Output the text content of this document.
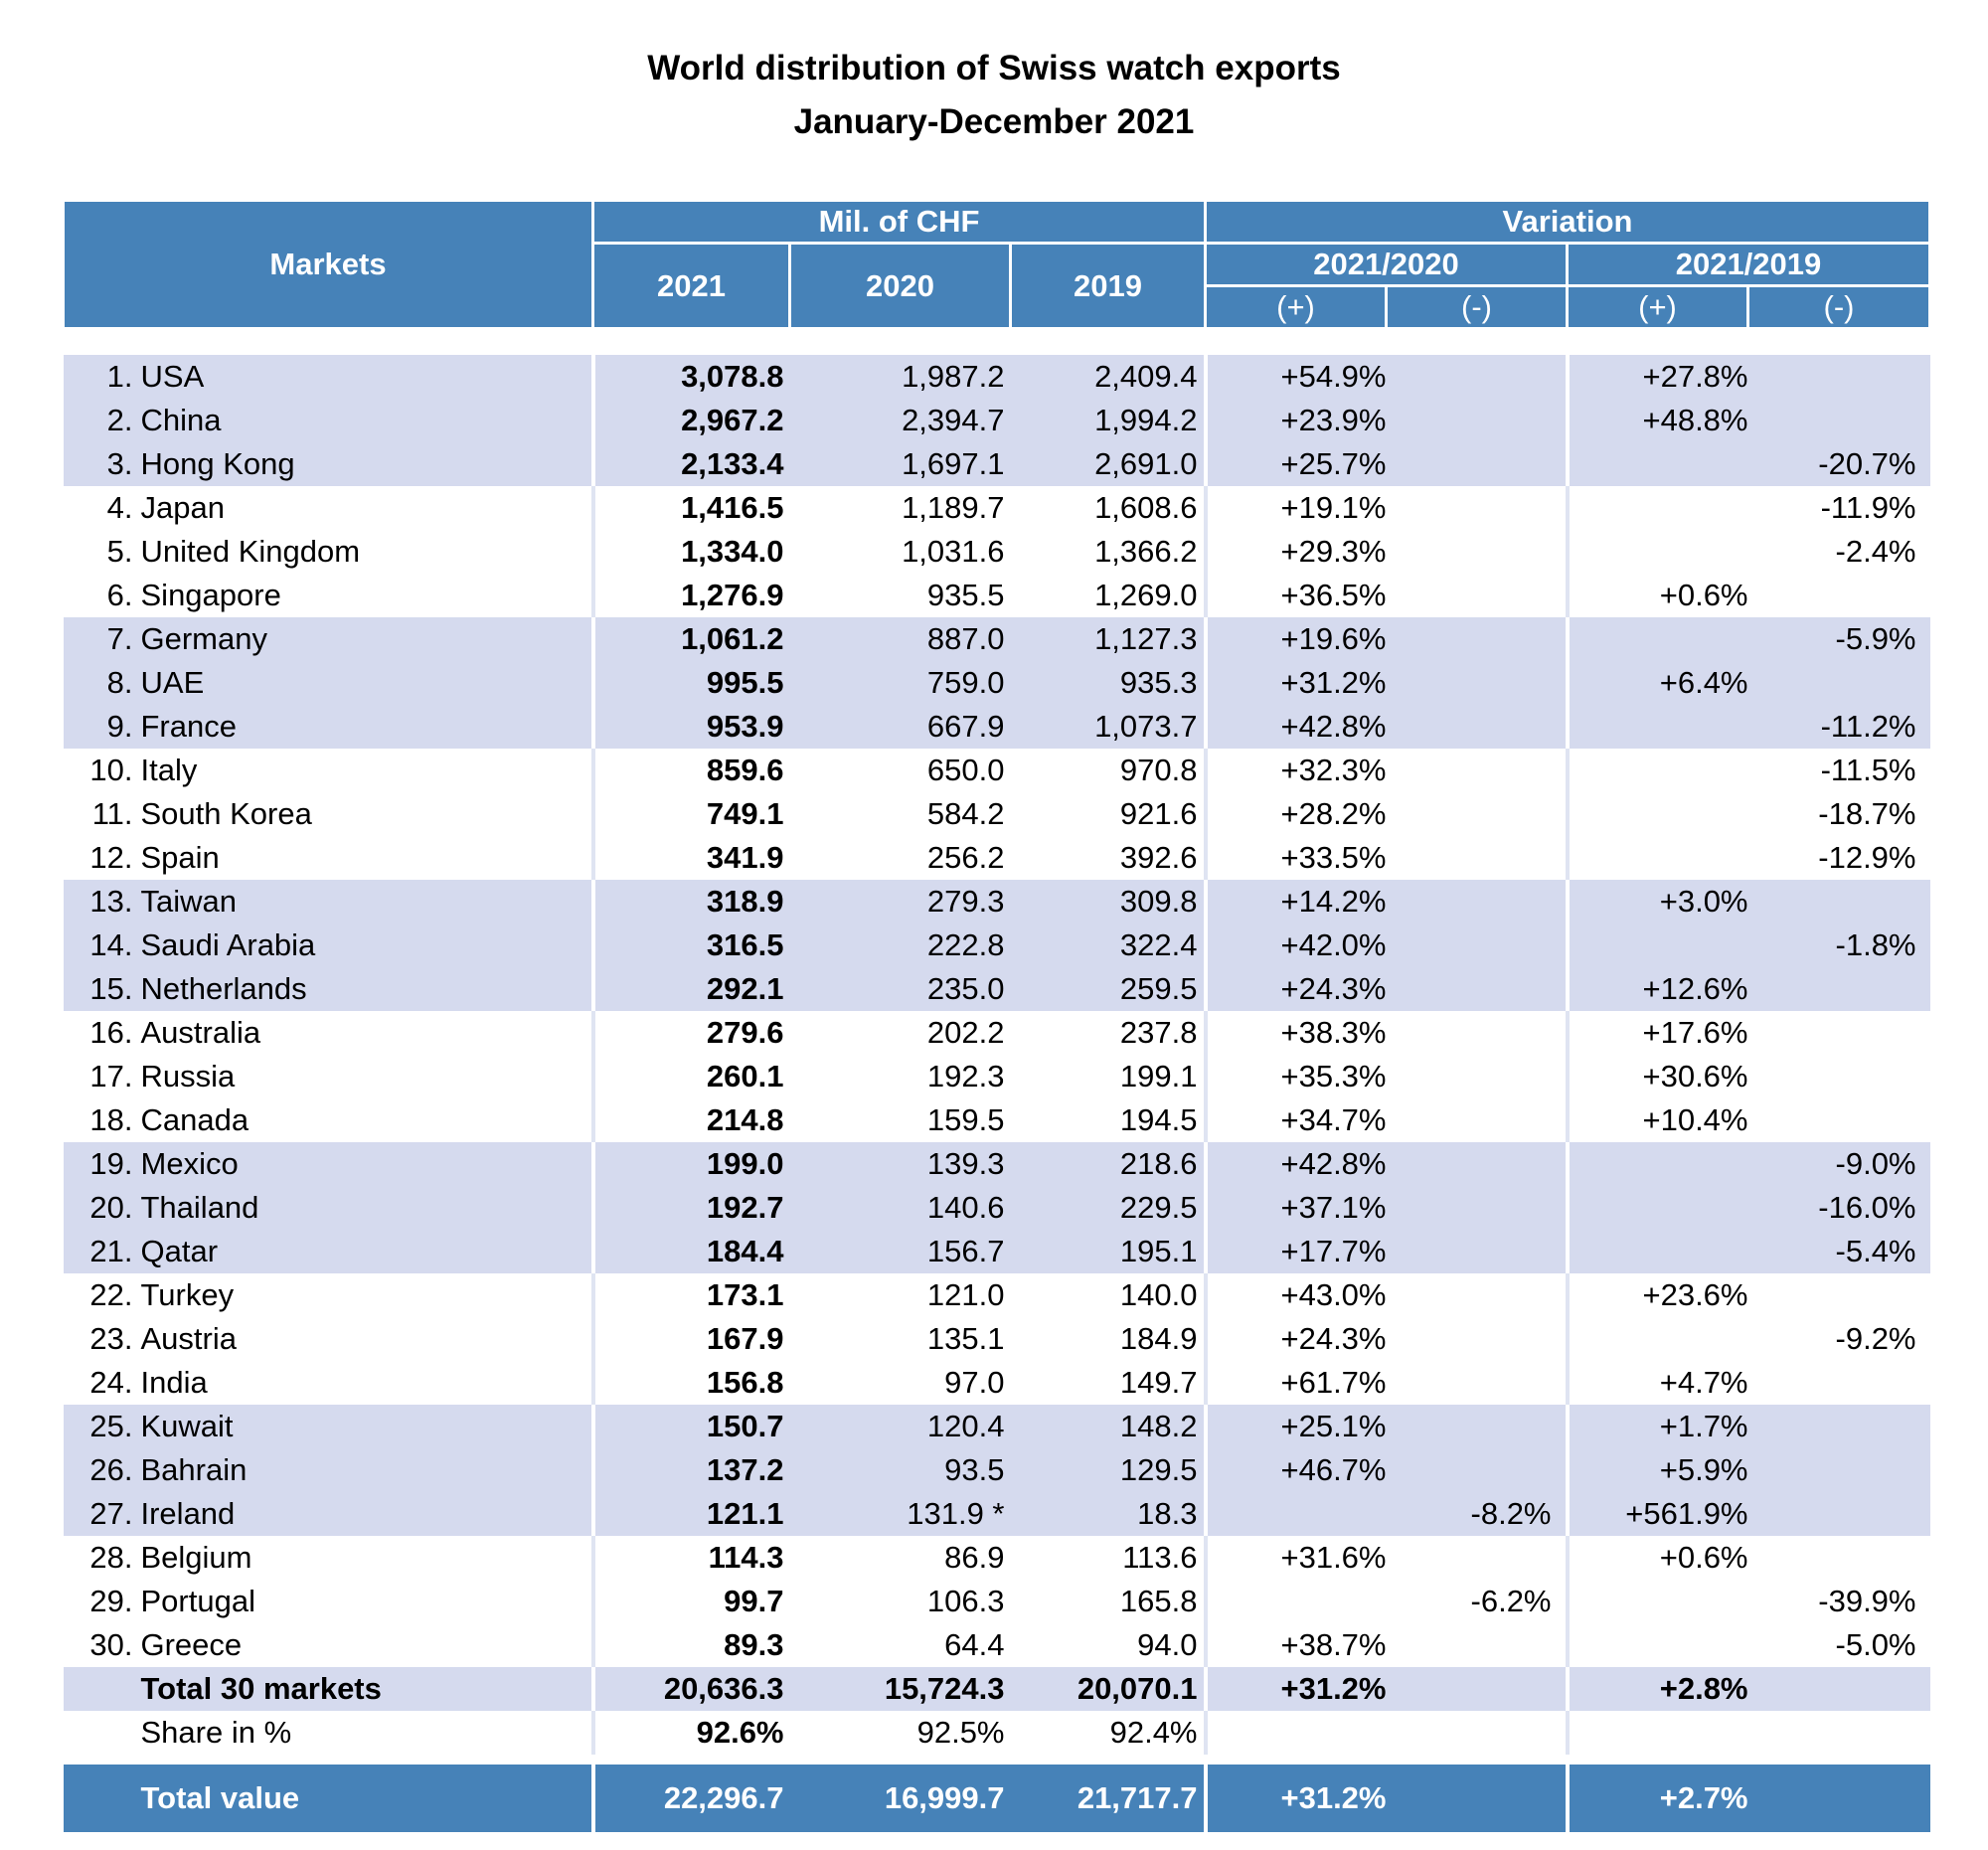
World distribution of Swiss watch exports
January-December 2021
Markets	Mil. of CHF			Variation			
	2021	2020	2019	2021/2020		2021/2019	
				(+)	(-)	(+)	(-)

1. USA	3,078.8	1,987.2	2,409.4	+54.9%		+27.8%	
2. China	2,967.2	2,394.7	1,994.2	+23.9%		+48.8%	
3. Hong Kong	2,133.4	1,697.1	2,691.0	+25.7%			-20.7%
4. Japan	1,416.5	1,189.7	1,608.6	+19.1%			-11.9%
5. United Kingdom	1,334.0	1,031.6	1,366.2	+29.3%			-2.4%
6. Singapore	1,276.9	935.5	1,269.0	+36.5%		+0.6%	
7. Germany	1,061.2	887.0	1,127.3	+19.6%			-5.9%
8. UAE	995.5	759.0	935.3	+31.2%		+6.4%	
9. France	953.9	667.9	1,073.7	+42.8%			-11.2%
10. Italy	859.6	650.0	970.8	+32.3%			-11.5%
11. South Korea	749.1	584.2	921.6	+28.2%			-18.7%
12. Spain	341.9	256.2	392.6	+33.5%			-12.9%
13. Taiwan	318.9	279.3	309.8	+14.2%		+3.0%	
14. Saudi Arabia	316.5	222.8	322.4	+42.0%			-1.8%
15. Netherlands	292.1	235.0	259.5	+24.3%		+12.6%	
16. Australia	279.6	202.2	237.8	+38.3%		+17.6%	
17. Russia	260.1	192.3	199.1	+35.3%		+30.6%	
18. Canada	214.8	159.5	194.5	+34.7%		+10.4%	
19. Mexico	199.0	139.3	218.6	+42.8%			-9.0%
20. Thailand	192.7	140.6	229.5	+37.1%			-16.0%
21. Qatar	184.4	156.7	195.1	+17.7%			-5.4%
22. Turkey	173.1	121.0	140.0	+43.0%		+23.6%	
23. Austria	167.9	135.1	184.9	+24.3%			-9.2%
24. India	156.8	97.0	149.7	+61.7%		+4.7%	
25. Kuwait	150.7	120.4	148.2	+25.1%		+1.7%	
26. Bahrain	137.2	93.5	129.5	+46.7%		+5.9%	
27. Ireland	121.1	131.9 *	18.3		-8.2%	+561.9%	
28. Belgium	114.3	86.9	113.6	+31.6%		+0.6%	
29. Portugal	99.7	106.3	165.8		-6.2%		-39.9%
30. Greece	89.3	64.4	94.0	+38.7%			-5.0%
Total 30 markets	20,636.3	15,724.3	20,070.1	+31.2%		+2.8%	
Share in %	92.6%	92.5%	92.4%				

Total value	22,296.7	16,999.7	21,717.7	+31.2%		+2.7%	
